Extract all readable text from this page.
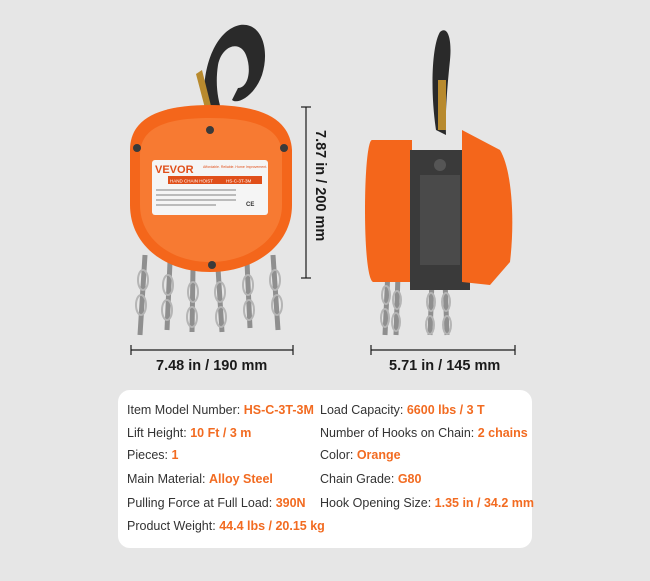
VEVOR
HAND CHAIN HOIST	HS-C-3T-3M
Affordable. Reliable. Home Improvement.
CE	7.87 in / 200 mm
7.48 in / 190 mm	5.71 in / 145 mm
Item Model Number: HS-C-3T-3M Load Capacity: 6600 lbs / 3 T
Lift Height: 10 Ft / 3 m	Number of Hooks on Chain: 2 chains
Pieces: 1	Color: Orange
Main Material: Alloy Steel	Chain Grade: G80
Pulling Force at Full Load: 390N Hook Opening Size: 1.35 in / 34.2 mm
Product Weight: 44.4 lbs / 20.15 kg
